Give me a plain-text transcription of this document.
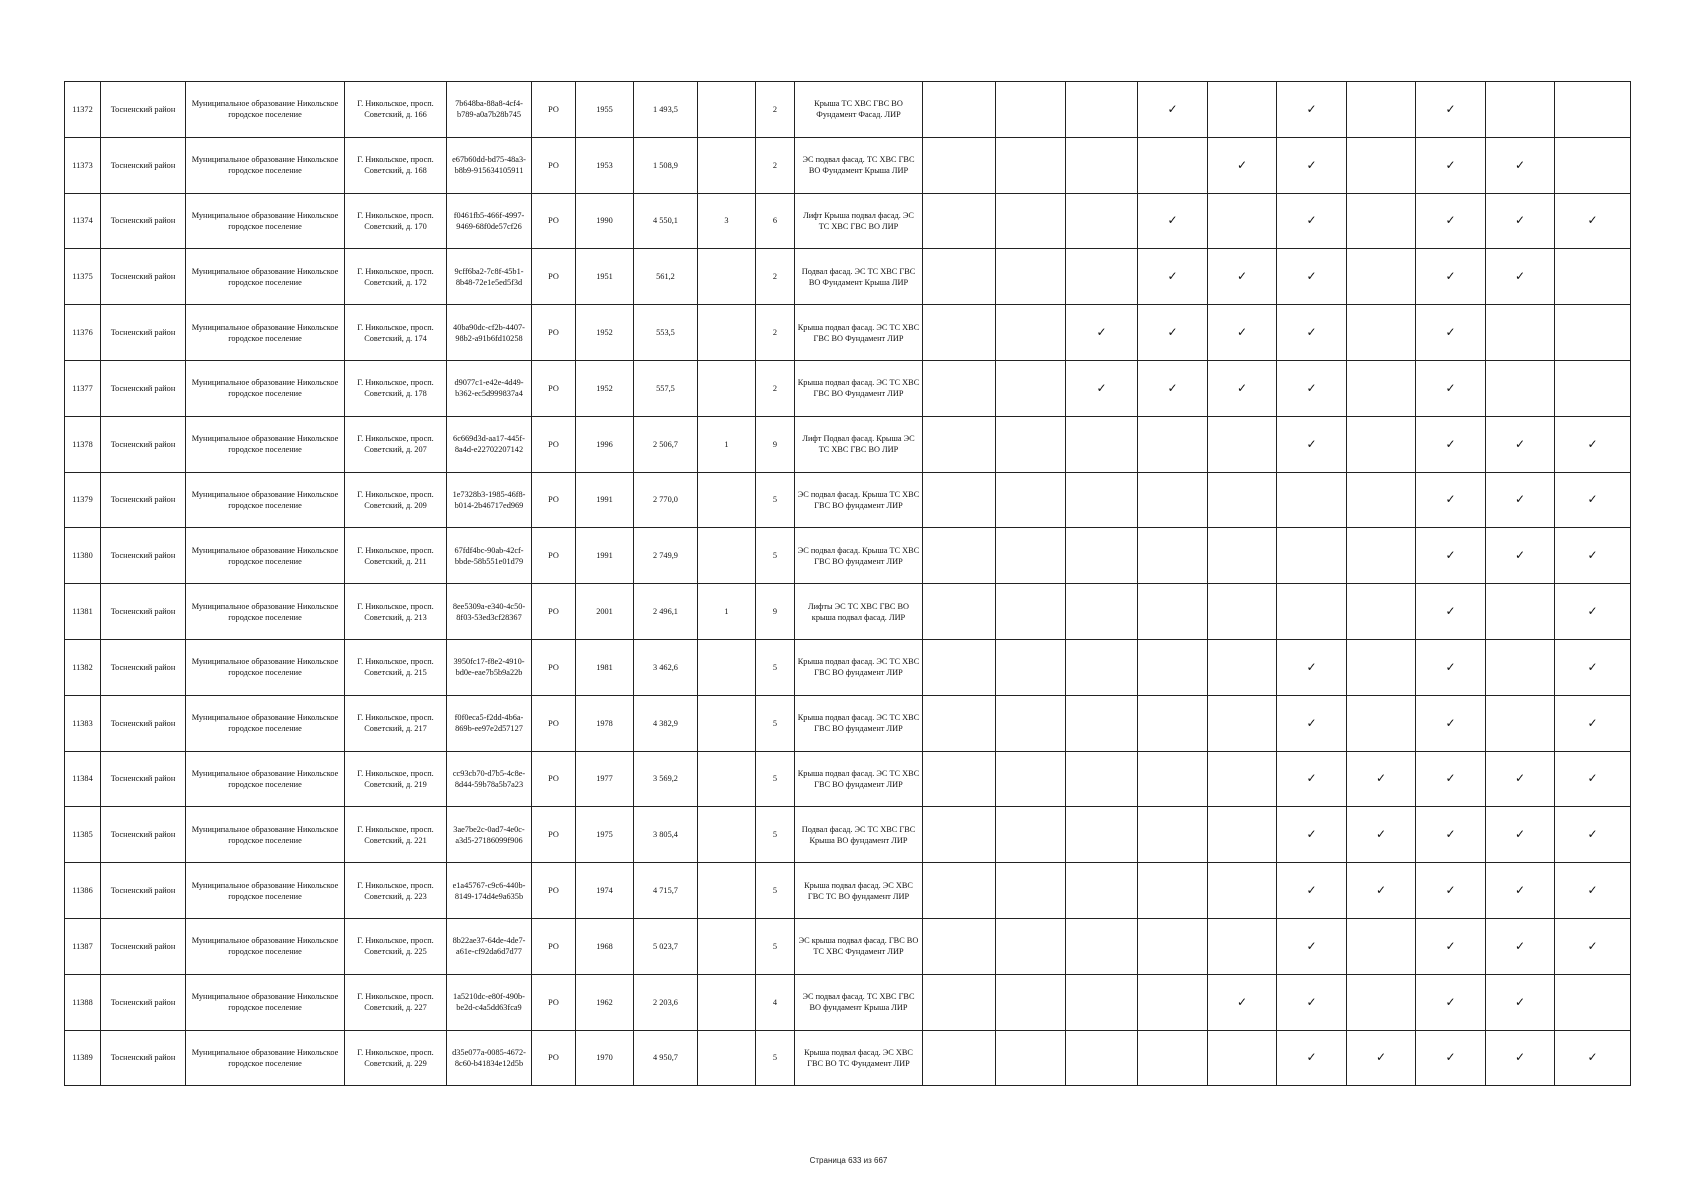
11372	Тосненский район	Муниципальное образование Никольское городское поселение	Г. Никольское, просп. Советский, д. 166	7b648ba-88a8-4cf4-b789-a0a7b28b745	РО	1955	1 493,5		2	Крыша ТС ХВС ГВС ВО Фундамент Фасад. ЛИР				✓		✓		✓		
11373	Тосненский район	Муниципальное образование Никольское городское поселение	Г. Никольское, просп. Советский, д. 168	e67b60dd-bd75-48a3-b8b9-915634105911	РО	1953	1 508,9		2	ЭС подвал фасад. ТС ХВС ГВС ВО Фундамент Крыша ЛИР					✓	✓		✓	✓	
11374	Тосненский район	Муниципальное образование Никольское городское поселение	Г. Никольское, просп. Советский, д. 170	f0461fb5-466f-4997-9469-68f0de57cf26	РО	1990	4 550,1	3	6	Лифт Крыша подвал фасад. ЭС ТС ХВС ГВС ВО ЛИР				✓		✓		✓	✓	✓
11375	Тосненский район	Муниципальное образование Никольское городское поселение	Г. Никольское, просп. Советский, д. 172	9cff6ba2-7c8f-45b1-8b48-72e1e5ed5f3d	РО	1951	561,2		2	Подвал фасад. ЭС ТС ХВС ГВС ВО Фундамент Крыша ЛИР				✓	✓	✓		✓	✓	
11376	Тосненский район	Муниципальное образование Никольское городское поселение	Г. Никольское, просп. Советский, д. 174	40ba90dc-cf2b-4407-98b2-a91b6fd10258	РО	1952	553,5		2	Крыша подвал фасад. ЭС ТС ХВС ГВС ВО Фундамент ЛИР			✓	✓	✓	✓		✓		
11377	Тосненский район	Муниципальное образование Никольское городское поселение	Г. Никольское, просп. Советский, д. 178	d9077c1-e42e-4d49-b362-ec5d999837a4	РО	1952	557,5		2	Крыша подвал фасад. ЭС ТС ХВС ГВС ВО Фундамент ЛИР			✓	✓	✓	✓		✓		
11378	Тосненский район	Муниципальное образование Никольское городское поселение	Г. Никольское, просп. Советский, д. 207	6c669d3d-aa17-445f-8a4d-e22702207142	РО	1996	2 506,7	1	9	Лифт Подвал фасад. Крыша ЭС ТС ХВС ГВС ВО ЛИР						✓		✓	✓	✓
11379	Тосненский район	Муниципальное образование Никольское городское поселение	Г. Никольское, просп. Советский, д. 209	1e7328b3-1985-46f8-b014-2b46717ed969	РО	1991	2 770,0		5	ЭС подвал фасад. Крыша ТС ХВС ГВС ВО фундамент ЛИР								✓	✓	✓
11380	Тосненский район	Муниципальное образование Никольское городское поселение	Г. Никольское, просп. Советский, д. 211	67fdf4bc-90ab-42cf-bbde-58b551e01d79	РО	1991	2 749,9		5	ЭС подвал фасад. Крыша ТС ХВС ГВС ВО фундамент ЛИР								✓	✓	✓
11381	Тосненский район	Муниципальное образование Никольское городское поселение	Г. Никольское, просп. Советский, д. 213	8ee5309a-e340-4c50-8f03-53ed3cf28367	РО	2001	2 496,1	1	9	Лифты ЭС ТС ХВС ГВС ВО крыша подвал фасад. ЛИР								✓		✓
11382	Тосненский район	Муниципальное образование Никольское городское поселение	Г. Никольское, просп. Советский, д. 215	3950fc17-f8e2-4910-bd0e-eae7b5b9a22b	РО	1981	3 462,6		5	Крыша подвал фасад. ЭС ТС ХВС ГВС ВО фундамент ЛИР						✓		✓		✓
11383	Тосненский район	Муниципальное образование Никольское городское поселение	Г. Никольское, просп. Советский, д. 217	f0f0eca5-f2dd-4b6a-869b-ee97e2d57127	РО	1978	4 382,9		5	Крыша подвал фасад. ЭС ТС ХВС ГВС ВО фундамент ЛИР						✓		✓		✓
11384	Тосненский район	Муниципальное образование Никольское городское поселение	Г. Никольское, просп. Советский, д. 219	cc93cb70-d7b5-4c8e-8d44-59b78a5b7a23	РО	1977	3 569,2		5	Крыша подвал фасад. ЭС ТС ХВС ГВС ВО фундамент ЛИР						✓	✓	✓	✓	✓
11385	Тосненский район	Муниципальное образование Никольское городское поселение	Г. Никольское, просп. Советский, д. 221	3ae7be2c-0ad7-4e0c-a3d5-27186099f906	РО	1975	3 805,4		5	Подвал фасад. ЭС ТС ХВС ГВС Крыша ВО фундамент ЛИР						✓	✓	✓	✓	✓
11386	Тосненский район	Муниципальное образование Никольское городское поселение	Г. Никольское, просп. Советский, д. 223	e1a45767-c9c6-440b-8149-174d4e9a635b	РО	1974	4 715,7		5	Крыша подвал фасад. ЭС ХВС ГВС ТС ВО фундамент ЛИР						✓	✓	✓	✓	✓
11387	Тосненский район	Муниципальное образование Никольское городское поселение	Г. Никольское, просп. Советский, д. 225	8b22ae37-64de-4de7-a61e-cf92da6d7d77	РО	1968	5 023,7		5	ЭС крыша подвал фасад. ГВС ВО ТС ХВС Фундамент ЛИР						✓		✓	✓	✓
11388	Тосненский район	Муниципальное образование Никольское городское поселение	Г. Никольское, просп. Советский, д. 227	1a5210dc-e80f-490b-be2d-c4a5dd63fca9	РО	1962	2 203,6		4	ЭС подвал фасад. ТС ХВС ГВС ВО фундамент Крыша ЛИР					✓	✓		✓	✓	
11389	Тосненский район	Муниципальное образование Никольское городское поселение	Г. Никольское, просп. Советский, д. 229	d35e077a-0085-4672-8c60-b41834e12d5b	РО	1970	4 950,7		5	Крыша подвал фасад. ЭС ХВС ГВС ВО ТС Фундамент ЛИР						✓	✓	✓	✓	✓
Страница 633 из 667
